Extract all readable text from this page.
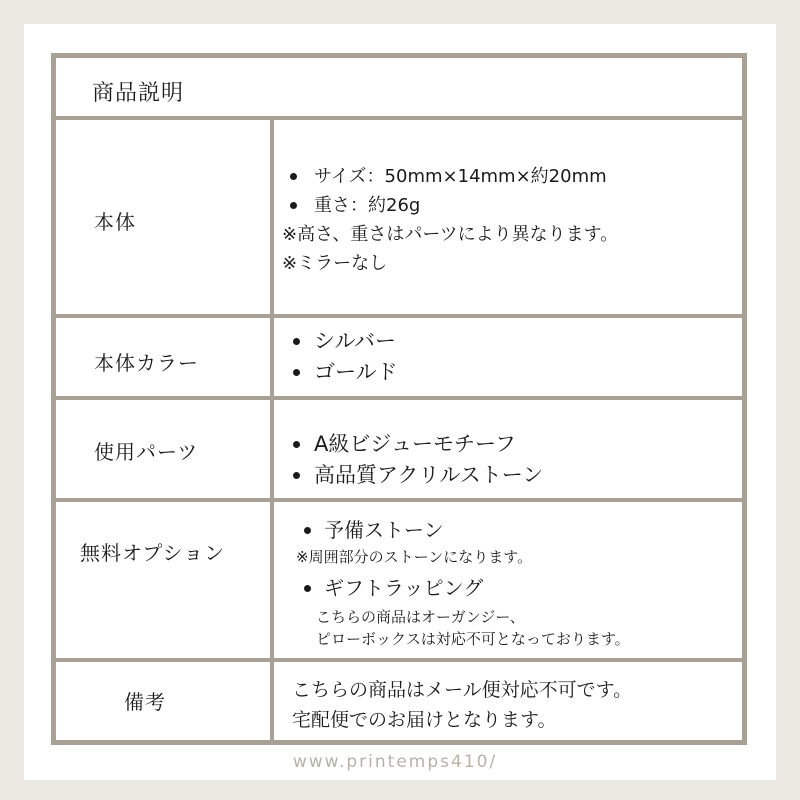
商品説明
本体
本体カラー
使用パーツ
無料オプション
備考
サイズ：50mm×14mm×約20mm
重さ：約26g
※高さ、重さはパーツにより異なります。
※ミラーなし
シルバー
ゴールド
A級ビジューモチーフ
高品質アクリルストーン
予備ストーン
※周囲部分のストーンになります。
ギフトラッピング
こちらの商品はオーガンジー、
ピローボックスは対応不可となっております。
こちらの商品はメール便対応不可です。
宅配便でのお届けとなります。
www.printemps410/
